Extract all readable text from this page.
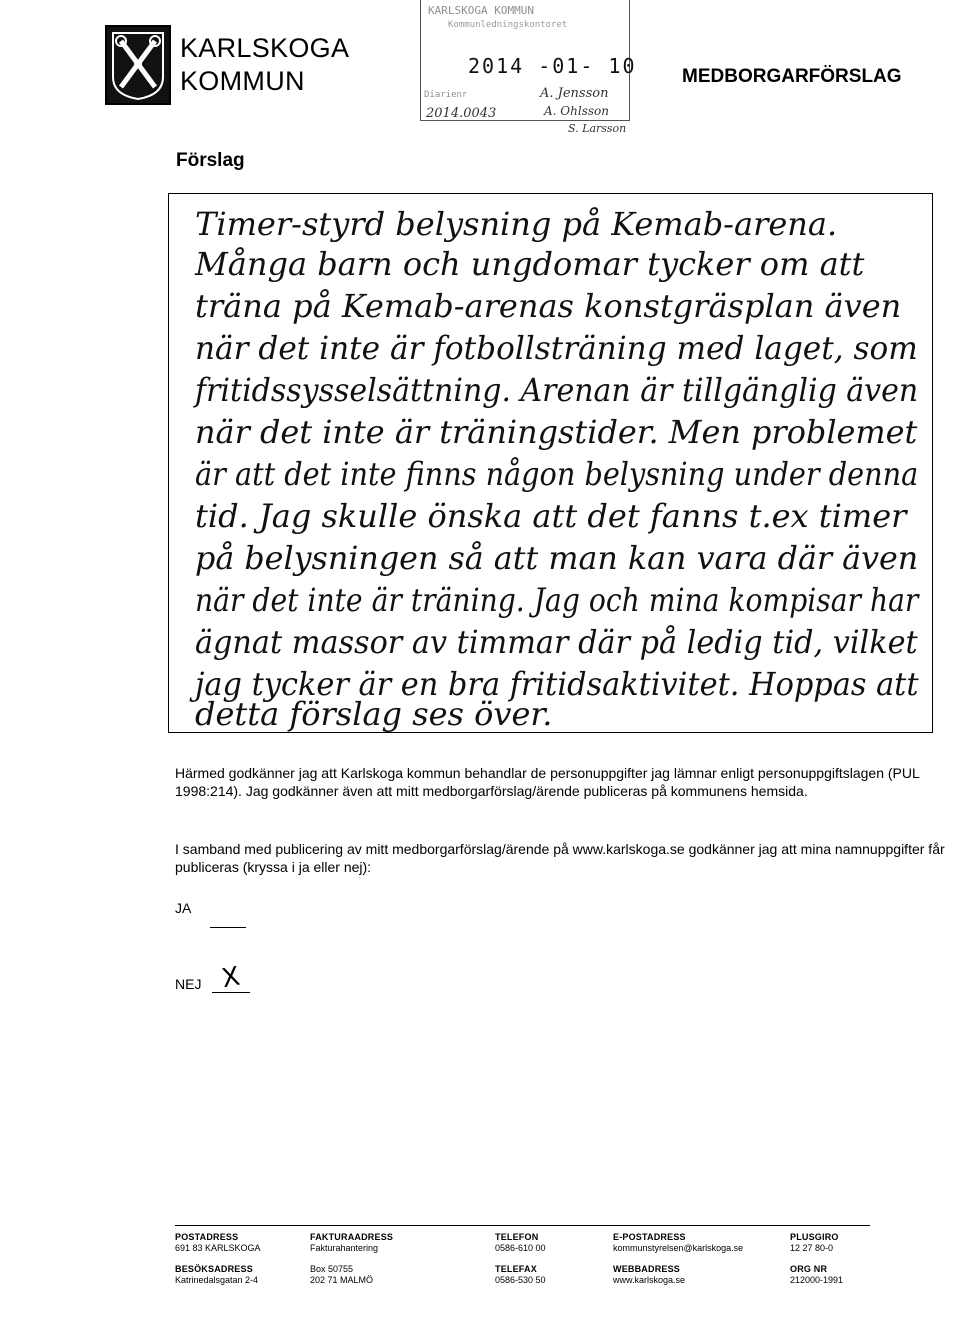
KARLSKOGA
KOMMUN	MEDBORGARFÖRSLAG
Förslag
KARLSKOGA KOMMUN
Kommunledningskontoret
2014 -01- 10
Diarienr
2014.0043
A. Jensson
A. Ohlsson
S. Larsson
Timer-styrd belysning på Kemab-arena.
Många barn och ungdomar tycker om att
träna på Kemab-arenas konstgräsplan även
när det inte är fotbollsträning med laget, som
fritidssysselsättning. Arenan är tillgänglig även
när det inte är träningstider. Men problemet
är att det inte finns någon belysning under denna
tid. Jag skulle önska att det fanns t.ex timer
på belysningen så att man kan vara där även
när det inte är träning. Jag och mina kompisar har
ägnat massor av timmar där på ledig tid, vilket
jag tycker är en bra fritidsaktivitet. Hoppas att
detta förslag ses över.
Härmed godkänner jag att Karlskoga kommun behandlar de personuppgifter jag lämnar enligt personuppgiftslagen (PUL 1998:214). Jag godkänner även att mitt medborgarförslag/ärende publiceras på kommunens hemsida.
I samband med publicering av mitt medborgarförslag/ärende på www.karlskoga.se godkänner jag att mina namnuppgifter får publiceras (kryssa i ja eller nej):
JA
NEJ X
POSTADRESS
691 83 KARLSKOGA
BESÖKSADRESS
Katrinedalsgatan 2-4
FAKTURAADRESS
Fakturahantering
Box 50755
202 71 MALMÖ
TELEFON
0586-610 00
TELEFAX
0586-530 50
E-POSTADRESS
kommunstyrelsen@karlskoga.se
WEBBADRESS
www.karlskoga.se
PLUSGIRO
12 27 80-0
ORG NR
212000-1991
